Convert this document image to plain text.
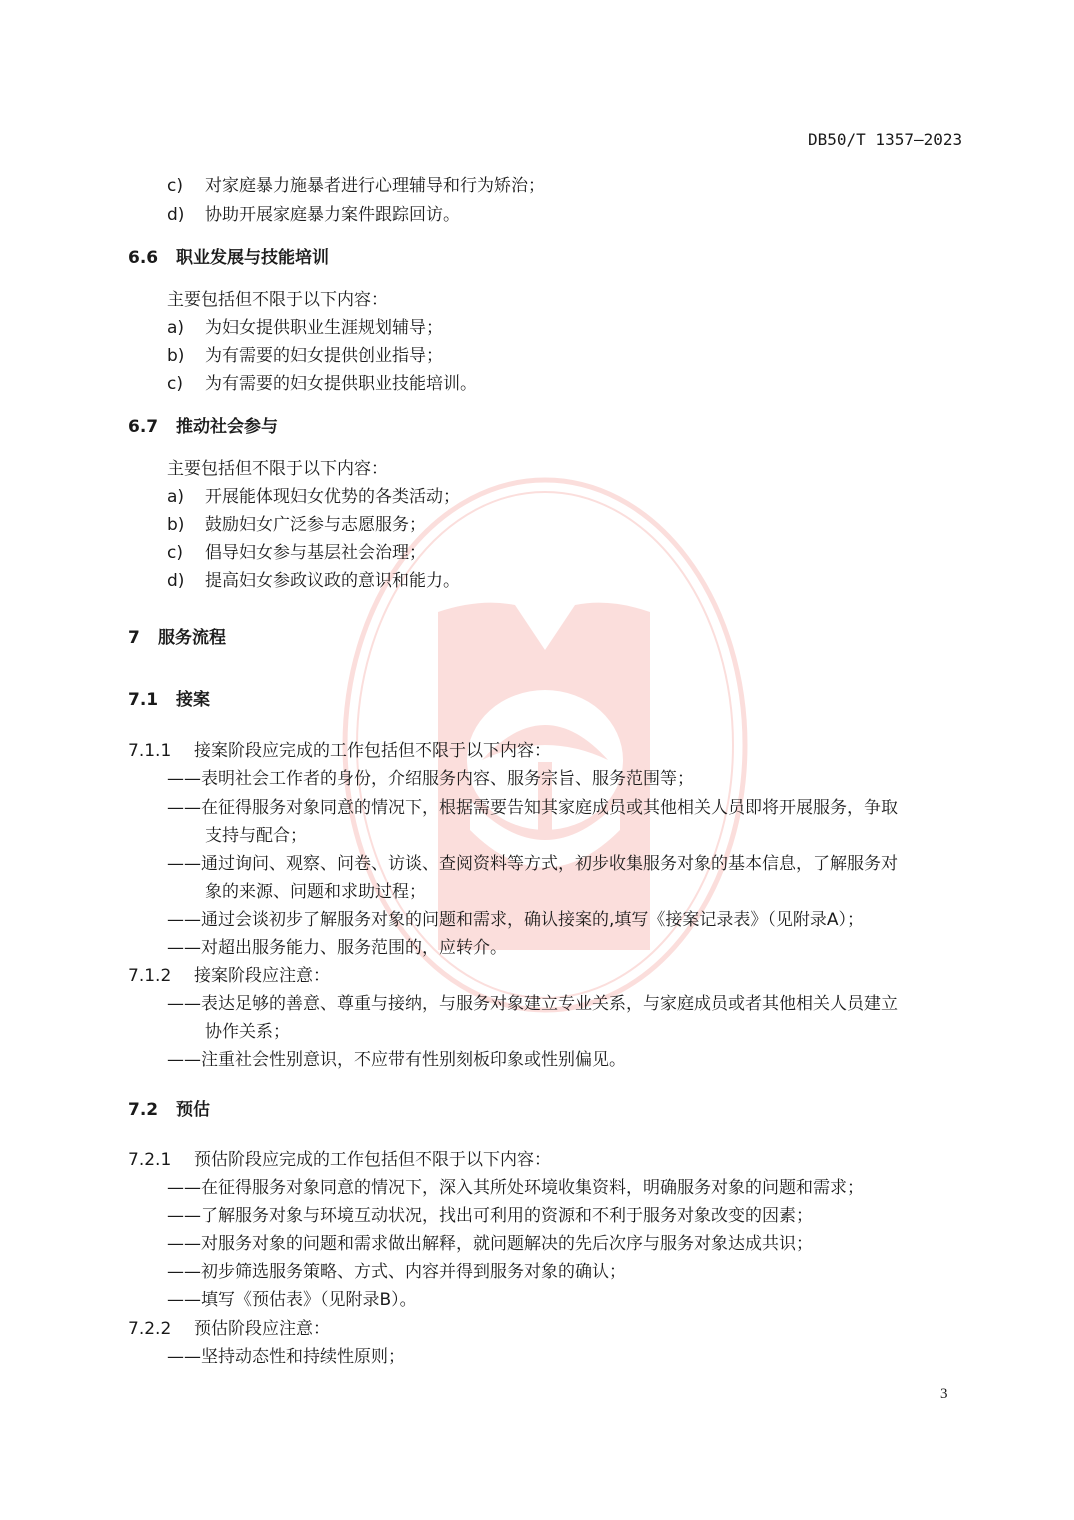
DB50/T 1357—2023
c) 对家庭暴力施暴者进行心理辅导和行为矫治；
d) 协助开展家庭暴力案件跟踪回访。
6.6 职业发展与技能培训
主要包括但不限于以下内容：
a) 为妇女提供职业生涯规划辅导；
b) 为有需要的妇女提供创业指导；
c) 为有需要的妇女提供职业技能培训。
6.7 推动社会参与
主要包括但不限于以下内容：
a) 开展能体现妇女优势的各类活动；
b) 鼓励妇女广泛参与志愿服务；
c) 倡导妇女参与基层社会治理；
d) 提高妇女参政议政的意识和能力。
7 服务流程
7.1 接案
7.1.1 接案阶段应完成的工作包括但不限于以下内容：
——表明社会工作者的身份，介绍服务内容、服务宗旨、服务范围等；
——在征得服务对象同意的情况下，根据需要告知其家庭成员或其他相关人员即将开展服务，争取
支持与配合；
——通过询问、观察、问卷、访谈、查阅资料等方式，初步收集服务对象的基本信息，了解服务对
象的来源、问题和求助过程；
——通过会谈初步了解服务对象的问题和需求，确认接案的,填写《接案记录表》（见附录A）；
——对超出服务能力、服务范围的，应转介。
7.1.2 接案阶段应注意：
——表达足够的善意、尊重与接纳，与服务对象建立专业关系，与家庭成员或者其他相关人员建立
协作关系；
——注重社会性别意识，不应带有性别刻板印象或性别偏见。
7.2 预估
7.2.1 预估阶段应完成的工作包括但不限于以下内容：
——在征得服务对象同意的情况下，深入其所处环境收集资料，明确服务对象的问题和需求；
——了解服务对象与环境互动状况，找出可利用的资源和不利于服务对象改变的因素；
——对服务对象的问题和需求做出解释，就问题解决的先后次序与服务对象达成共识；
——初步筛选服务策略、方式、内容并得到服务对象的确认；
——填写《预估表》（见附录B）。
7.2.2 预估阶段应注意：
——坚持动态性和持续性原则；
3
